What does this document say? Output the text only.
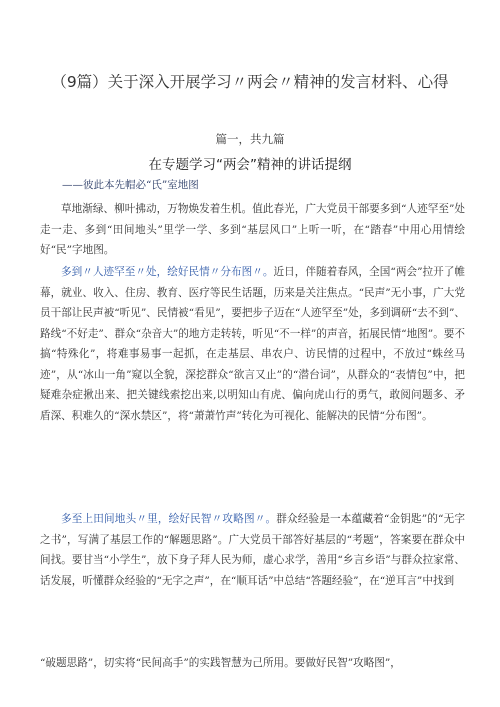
（9篇）关于深入开展学习〃两会〃精神的发言材料、心得
篇一，共九篇
在专题学习“两会”精神的讲话提纲
——彼此本先帽必“氏”室地图
草地渐绿、柳叶拂动，万物焕发着生机。值此春光，广大党员干部要多到“人迹罕至”处走一走、多到“田间地头”里学一学、多到“基层风口”上听一听，在“踏春”中用心用情绘好“民”字地图。
多到〃人迹罕至〃处，绘好民情〃分布图〃。近日，伴随着春风，全国“两会”拉开了帷幕，就业、收入、住房、教育、医疗等民生话题，历来是关注焦点。“民声”无小事，广大党员干部让民声被“听见”、民情被“看见”，要把步子迈在“人迹罕至”处，多到调研“去不到”、路线“不好走”、群众“杂音大”的地方走转转，听见“不一样”的声音，拓展民情“地图”。要不搞“特殊化”，将难事易事一起抓，在走基层、串农户、访民情的过程中，不放过“蛛丝马迹”，从“冰山一角”窥以全貌，深挖群众“欲言又止”的“潜台词”，从群众的“表情包”中，把疑难杂症揪出来、把关键线索挖出来,以明知山有虎、偏向虎山行的勇气，敢阅问题多、矛盾深、积难久的“深水禁区”，将“萧萧竹声”转化为可视化、能解决的民情“分布图”。
多至上田间地头〃里，绘好民智〃攻略图〃。群众经验是一本蕴藏着“金钥匙”的“无字之书”，写满了基层工作的“解题思路”。广大党员干部答好基层的“考题”，答案要在群众中间找。要甘当“小学生”，放下身子拜人民为师，虚心求学，善用“乡言乡语”与群众拉家常、话发展，听懂群众经验的“无字之声”，在“顺耳话”中总结“答题经验”，在“逆耳言”中找到
“破题思路”，切实将“民间高手”的实践智慧为己所用。要做好民智”攻略图”，
